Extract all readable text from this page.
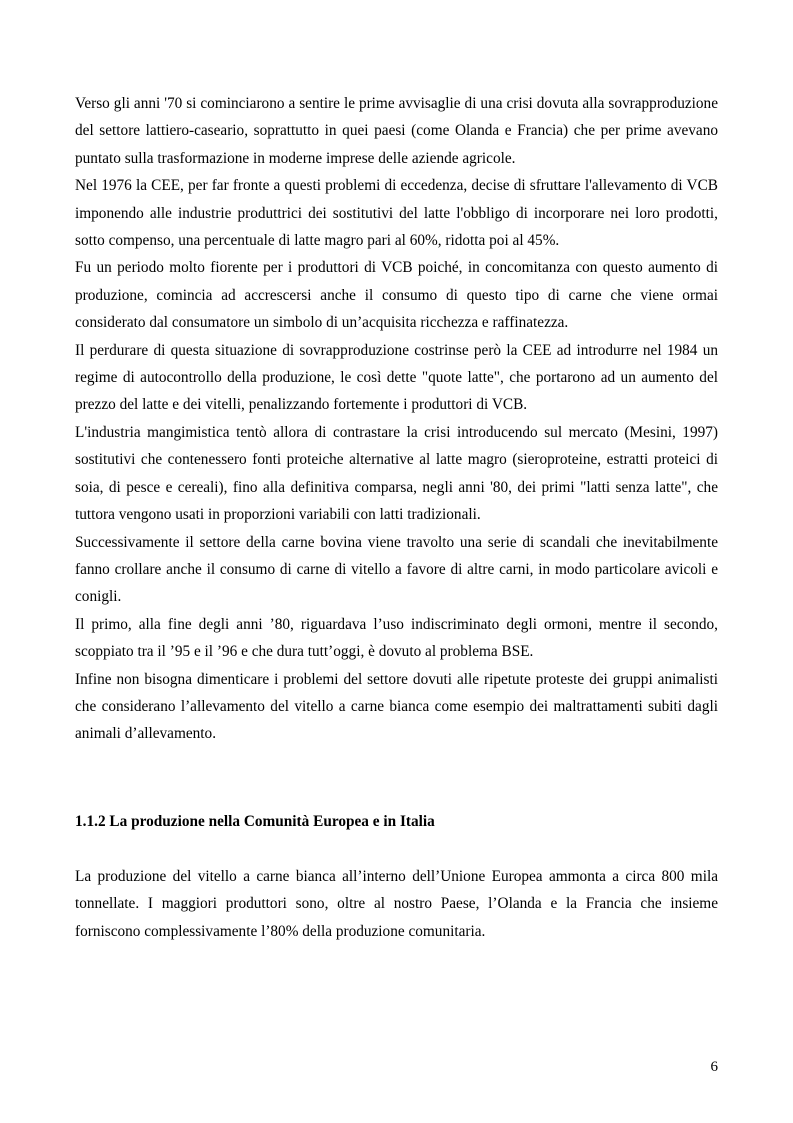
Verso gli anni '70 si cominciarono a sentire le prime avvisaglie di una crisi dovuta alla sovrapproduzione del settore lattiero-caseario, soprattutto in quei paesi (come Olanda e Francia) che per prime avevano puntato sulla trasformazione in moderne imprese delle aziende agricole.

Nel 1976 la CEE, per far fronte a questi problemi di eccedenza, decise di sfruttare l'allevamento di VCB imponendo alle industrie produttrici dei sostitutivi del latte l'obbligo di incorporare nei loro prodotti, sotto compenso, una percentuale di latte magro pari al 60%, ridotta poi al 45%.

Fu un periodo molto fiorente per i produttori di VCB poiché, in concomitanza con questo aumento di produzione, comincia ad accrescersi anche il consumo di questo tipo di carne che viene ormai considerato dal consumatore un simbolo di un’acquisita ricchezza e raffinatezza.

Il perdurare di questa situazione di sovrapproduzione costrinse però la CEE ad introdurre nel 1984 un regime di autocontrollo della produzione, le così dette "quote latte", che portarono ad un aumento del prezzo del latte e dei vitelli, penalizzando fortemente i produttori di VCB.

L'industria mangimistica tentò allora di contrastare la crisi introducendo sul mercato (Mesini, 1997) sostitutivi che contenessero fonti proteiche alternative al latte magro (sieroproteine, estratti proteici di soia, di pesce e cereali), fino alla definitiva comparsa, negli anni '80, dei primi "latti senza latte", che tuttora vengono usati in proporzioni variabili con latti tradizionali.

Successivamente il settore della carne bovina viene travolto una serie di scandali che inevitabilmente fanno crollare anche il consumo di carne di vitello a favore di altre carni, in modo particolare avicoli e conigli.

Il primo, alla fine degli anni ’80, riguardava l’uso indiscriminato degli ormoni, mentre il secondo, scoppiato tra il ’95 e il ’96 e che dura tutt’oggi, è dovuto al problema BSE.

Infine non bisogna dimenticare i problemi del settore dovuti alle ripetute proteste dei gruppi animalisti che considerano l’allevamento del vitello a carne bianca come esempio dei maltrattamenti subiti dagli animali d’allevamento.

1.1.2 La produzione nella Comunità Europea e in Italia

La produzione del vitello a carne bianca all’interno dell’Unione Europea ammonta a circa 800 mila tonnellate. I maggiori produttori sono, oltre al nostro Paese, l’Olanda e la Francia che insieme forniscono complessivamente l’80% della produzione comunitaria.

6
